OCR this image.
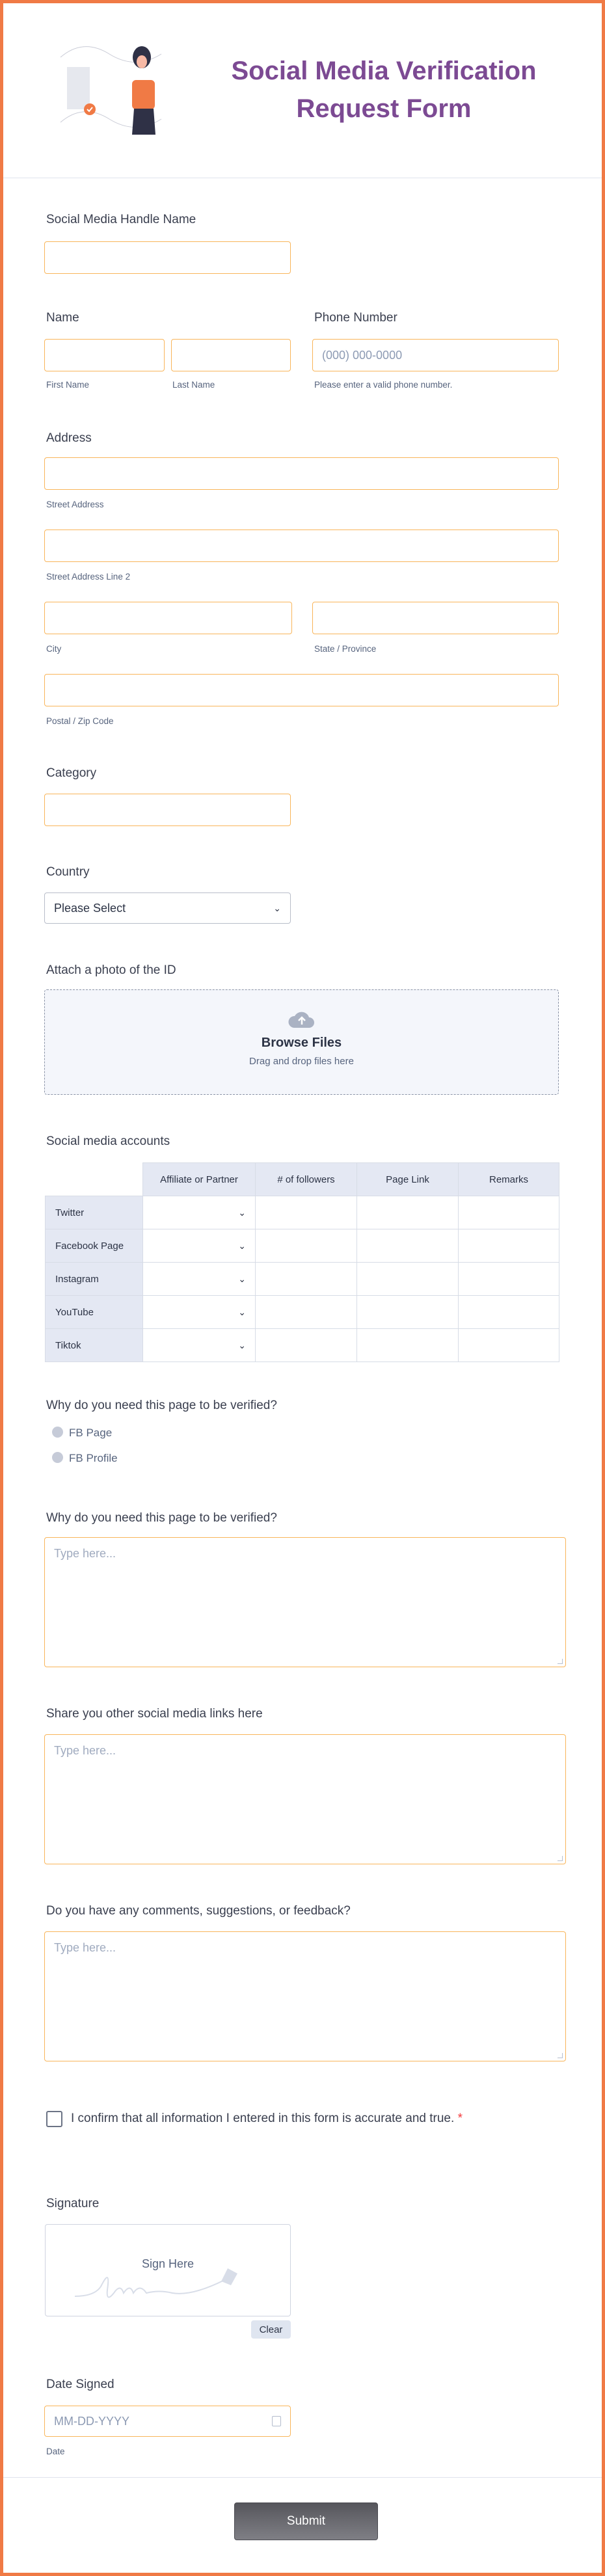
Social Media Verification
Request Form
Social Media Handle Name
Name
First Name	Last Name
Phone Number
(000) 000-0000
Please enter a valid phone number.
Address
Street Address
Street Address Line 2
City	State / Province
Postal / Zip Code
Category
Country
Please Select	⌄
Attach a photo of the ID
Browse Files
Drag and drop files here
Social media accounts
	Affiliate or Partner	# of followers	Page Link	Remarks
Twitter	⌄			
Facebook Page	⌄			
Instagram	⌄			
YouTube	⌄			
Tiktok	⌄			
Why do you need this page to be verified?
FB Page
FB Profile
Why do you need this page to be verified?
Type here...
Share you other social media links here
Type here...
Do you have any comments, suggestions, or feedback?
Type here...
I confirm that all information I entered in this form is accurate and true. *
Signature
Sign Here
Clear
Date Signed
MM-DD-YYYY
Date
Submit
